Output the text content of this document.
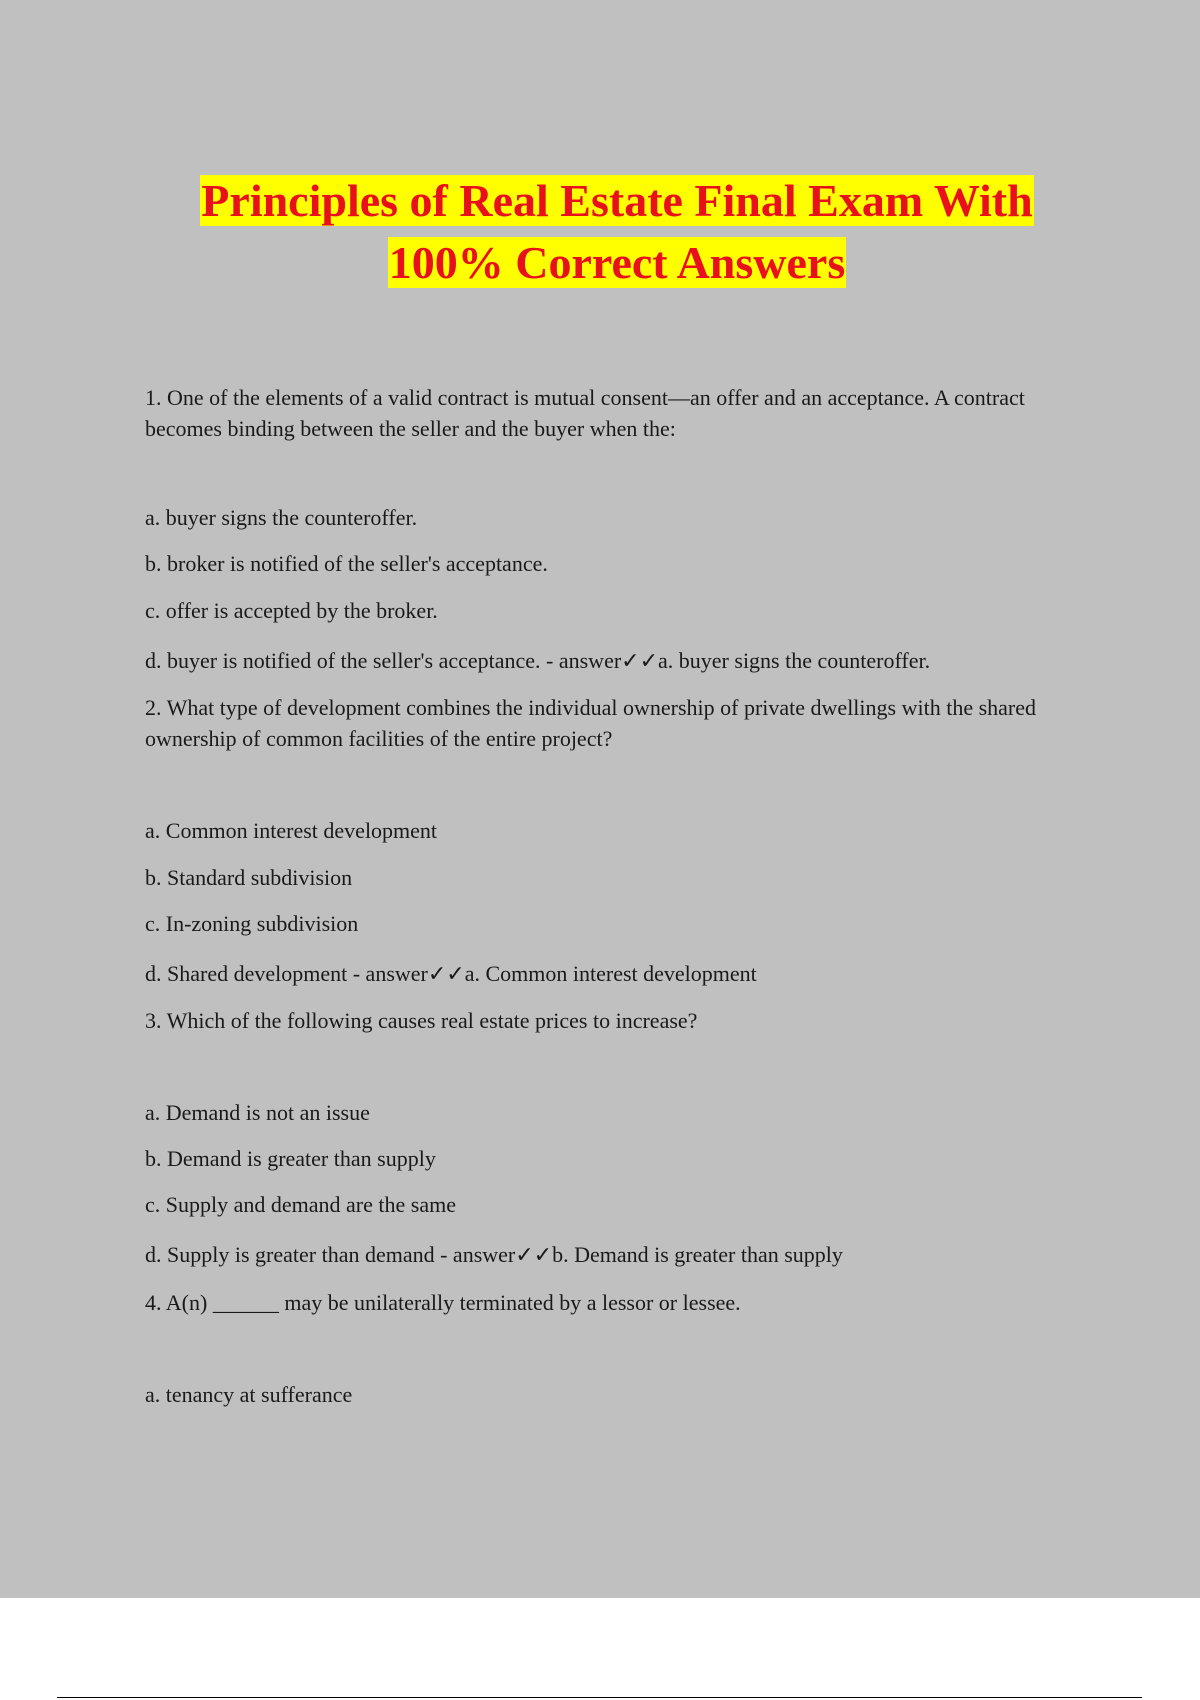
Principles of Real Estate Final Exam With
100% Correct Answers
1. One of the elements of a valid contract is mutual consent—an offer and an acceptance. A contract becomes binding between the seller and the buyer when the:
a. buyer signs the counteroffer.
b. broker is notified of the seller's acceptance.
c. offer is accepted by the broker.
d. buyer is notified of the seller's acceptance. - answer✓✓a. buyer signs the counteroffer.
2. What type of development combines the individual ownership of private dwellings with the shared ownership of common facilities of the entire project?
a. Common interest development
b. Standard subdivision
c. In-zoning subdivision
d. Shared development - answer✓✓a. Common interest development
3. Which of the following causes real estate prices to increase?
a. Demand is not an issue
b. Demand is greater than supply
c. Supply and demand are the same
d. Supply is greater than demand - answer✓✓b. Demand is greater than supply
4. A(n) ______ may be unilaterally terminated by a lessor or lessee.
a. tenancy at sufferance
